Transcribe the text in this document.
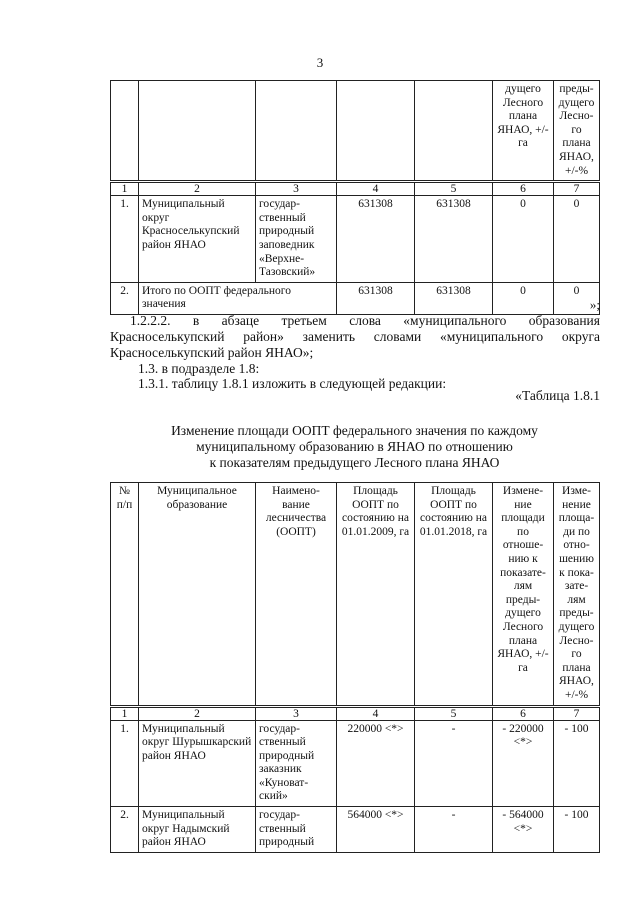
3
					дущего Лесного плана ЯНАО, +/-га	преды-дущего Лесно-го плана ЯНАО, +/-%
1	2	3	4	5	6	7
1.	Муниципальный округ Красноселькупский район ЯНАО	государ-ственный природный заповедник «Верхне-Тазовский»	631308	631308	0	0
2.	Итого по ООПТ федерального значения		631308	631308	0	0
»;
1.2.2.2. в абзаце третьем слова «муниципального образования
Красноселькупский район» заменить словами «муниципального округа
Красноселькупский район ЯНАО»;
1.3. в подразделе 1.8:
1.3.1. таблицу 1.8.1 изложить в следующей редакции:
«Таблица 1.8.1
Изменение площади ООПТ федерального значения по каждому
муниципальному образованию в ЯНАО по отношению
к показателям предыдущего Лесного плана ЯНАО
№ п/п	Муниципальное образование	Наимено-вание лесничества (ООПТ)	Площадь ООПТ по состоянию на 01.01.2009, га	Площадь ООПТ по состоянию на 01.01.2018, га	Измене-ние площади по отноше-нию к показате-лям преды-дущего Лесного плана ЯНАО, +/-га	Изме-нение площа-ди по отно-шению к пока-зате-лям преды-дущего Лесно-го плана ЯНАО, +/-%
1	2	3	4	5	6	7
1.	Муниципальный округ Шурышкарский район ЯНАО	государ-ственный природный заказник «Куноват-ский»	220000 <*>	-	- 220000 <*>	- 100
2.	Муниципальный округ Надымский район ЯНАО	государ-ственный природный	564000 <*>	-	- 564000 <*>	- 100
